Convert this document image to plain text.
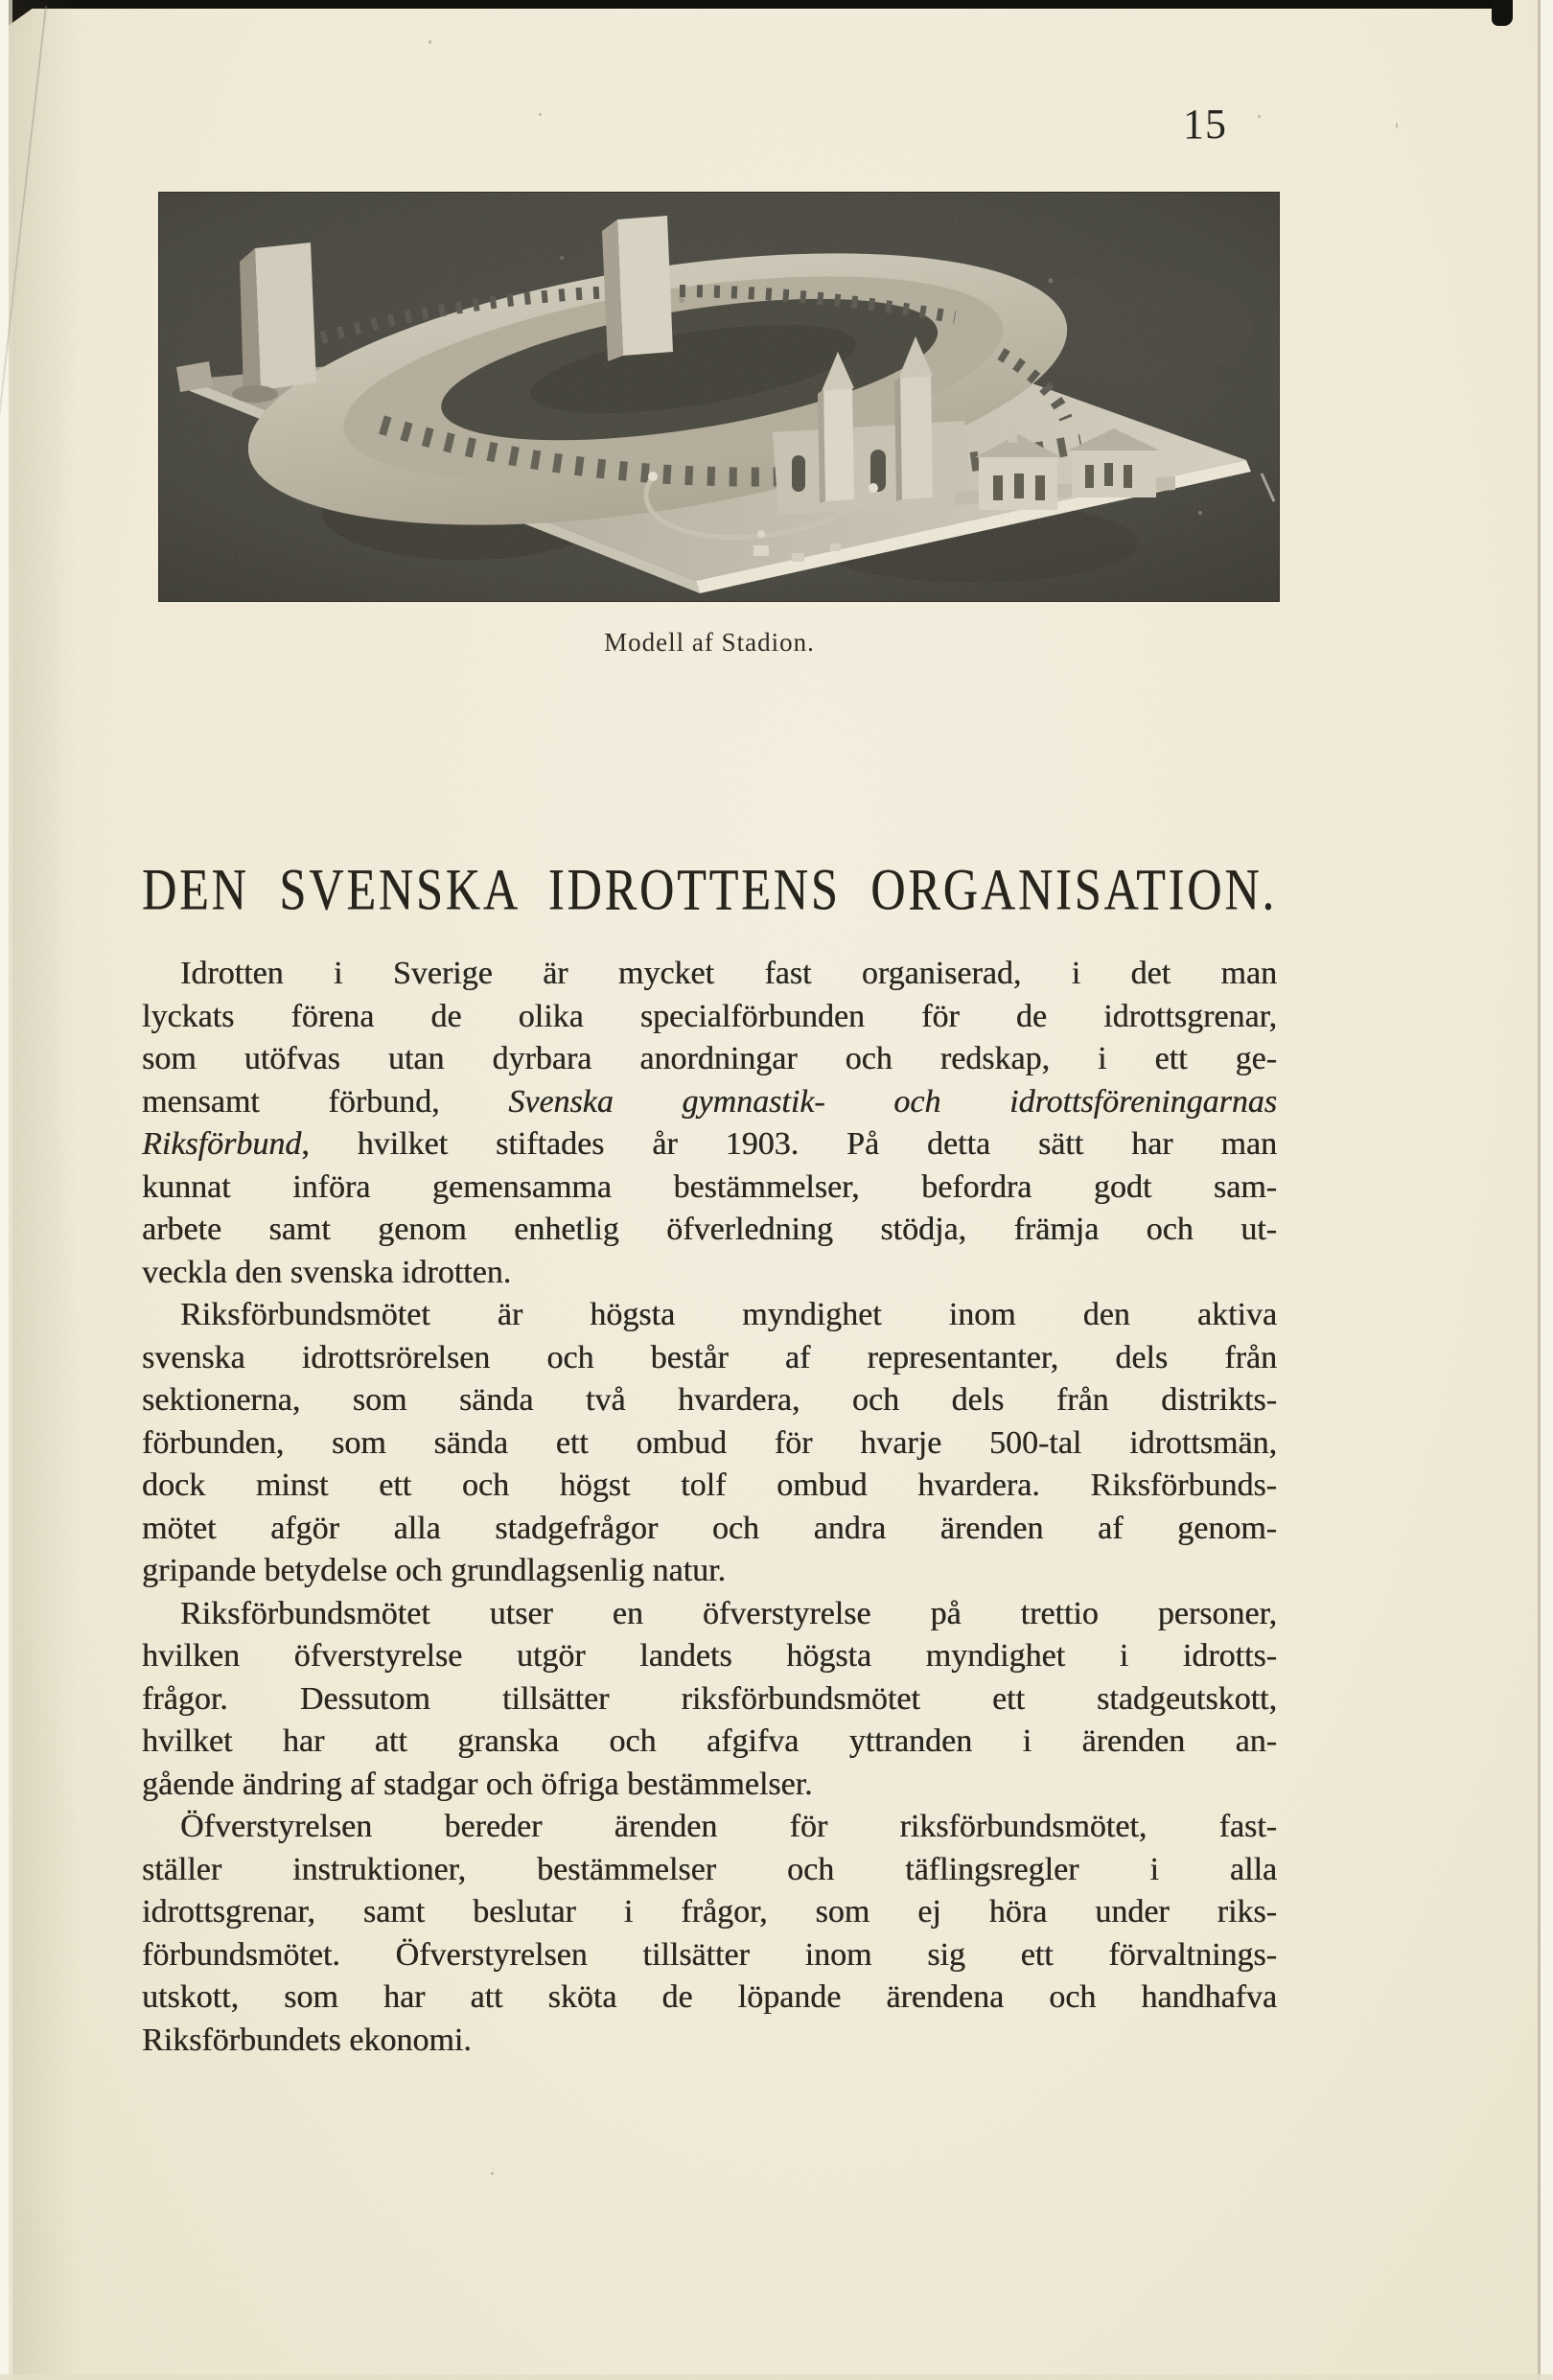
15
Modell af Stadion.
DEN SVENSKA IDROTTENS ORGANISATION.
Idrotten i Sverige är mycket fast organiserad, i det man
lyckats förena de olika specialförbunden för de idrottsgrenar,
som utöfvas utan dyrbara anordningar och redskap, i ett ge-
mensamt förbund, Svenska gymnastik- och idrottsföreningarnas
Riksförbund, hvilket stiftades år 1903. På detta sätt har man
kunnat införa gemensamma bestämmelser, befordra godt sam-
arbete samt genom enhetlig öfverledning stödja, främja och ut-
veckla den svenska idrotten.
Riksförbundsmötet är högsta myndighet inom den aktiva
svenska idrottsrörelsen och består af representanter, dels från
sektionerna, som sända två hvardera, och dels från distrikts-
förbunden, som sända ett ombud för hvarje 500-tal idrottsmän,
dock minst ett och högst tolf ombud hvardera. Riksförbunds-
mötet afgör alla stadgefrågor och andra ärenden af genom-
gripande betydelse och grundlagsenlig natur.
Riksförbundsmötet utser en öfverstyrelse på trettio personer,
hvilken öfverstyrelse utgör landets högsta myndighet i idrotts-
frågor. Dessutom tillsätter riksförbundsmötet ett stadgeutskott,
hvilket har att granska och afgifva yttranden i ärenden an-
gående ändring af stadgar och öfriga bestämmelser.
Öfverstyrelsen bereder ärenden för riksförbundsmötet, fast-
ställer instruktioner, bestämmelser och täflingsregler i alla
idrottsgrenar, samt beslutar i frågor, som ej höra under riks-
förbundsmötet. Öfverstyrelsen tillsätter inom sig ett förvaltnings-
utskott, som har att sköta de löpande ärendena och handhafva
Riksförbundets ekonomi.
